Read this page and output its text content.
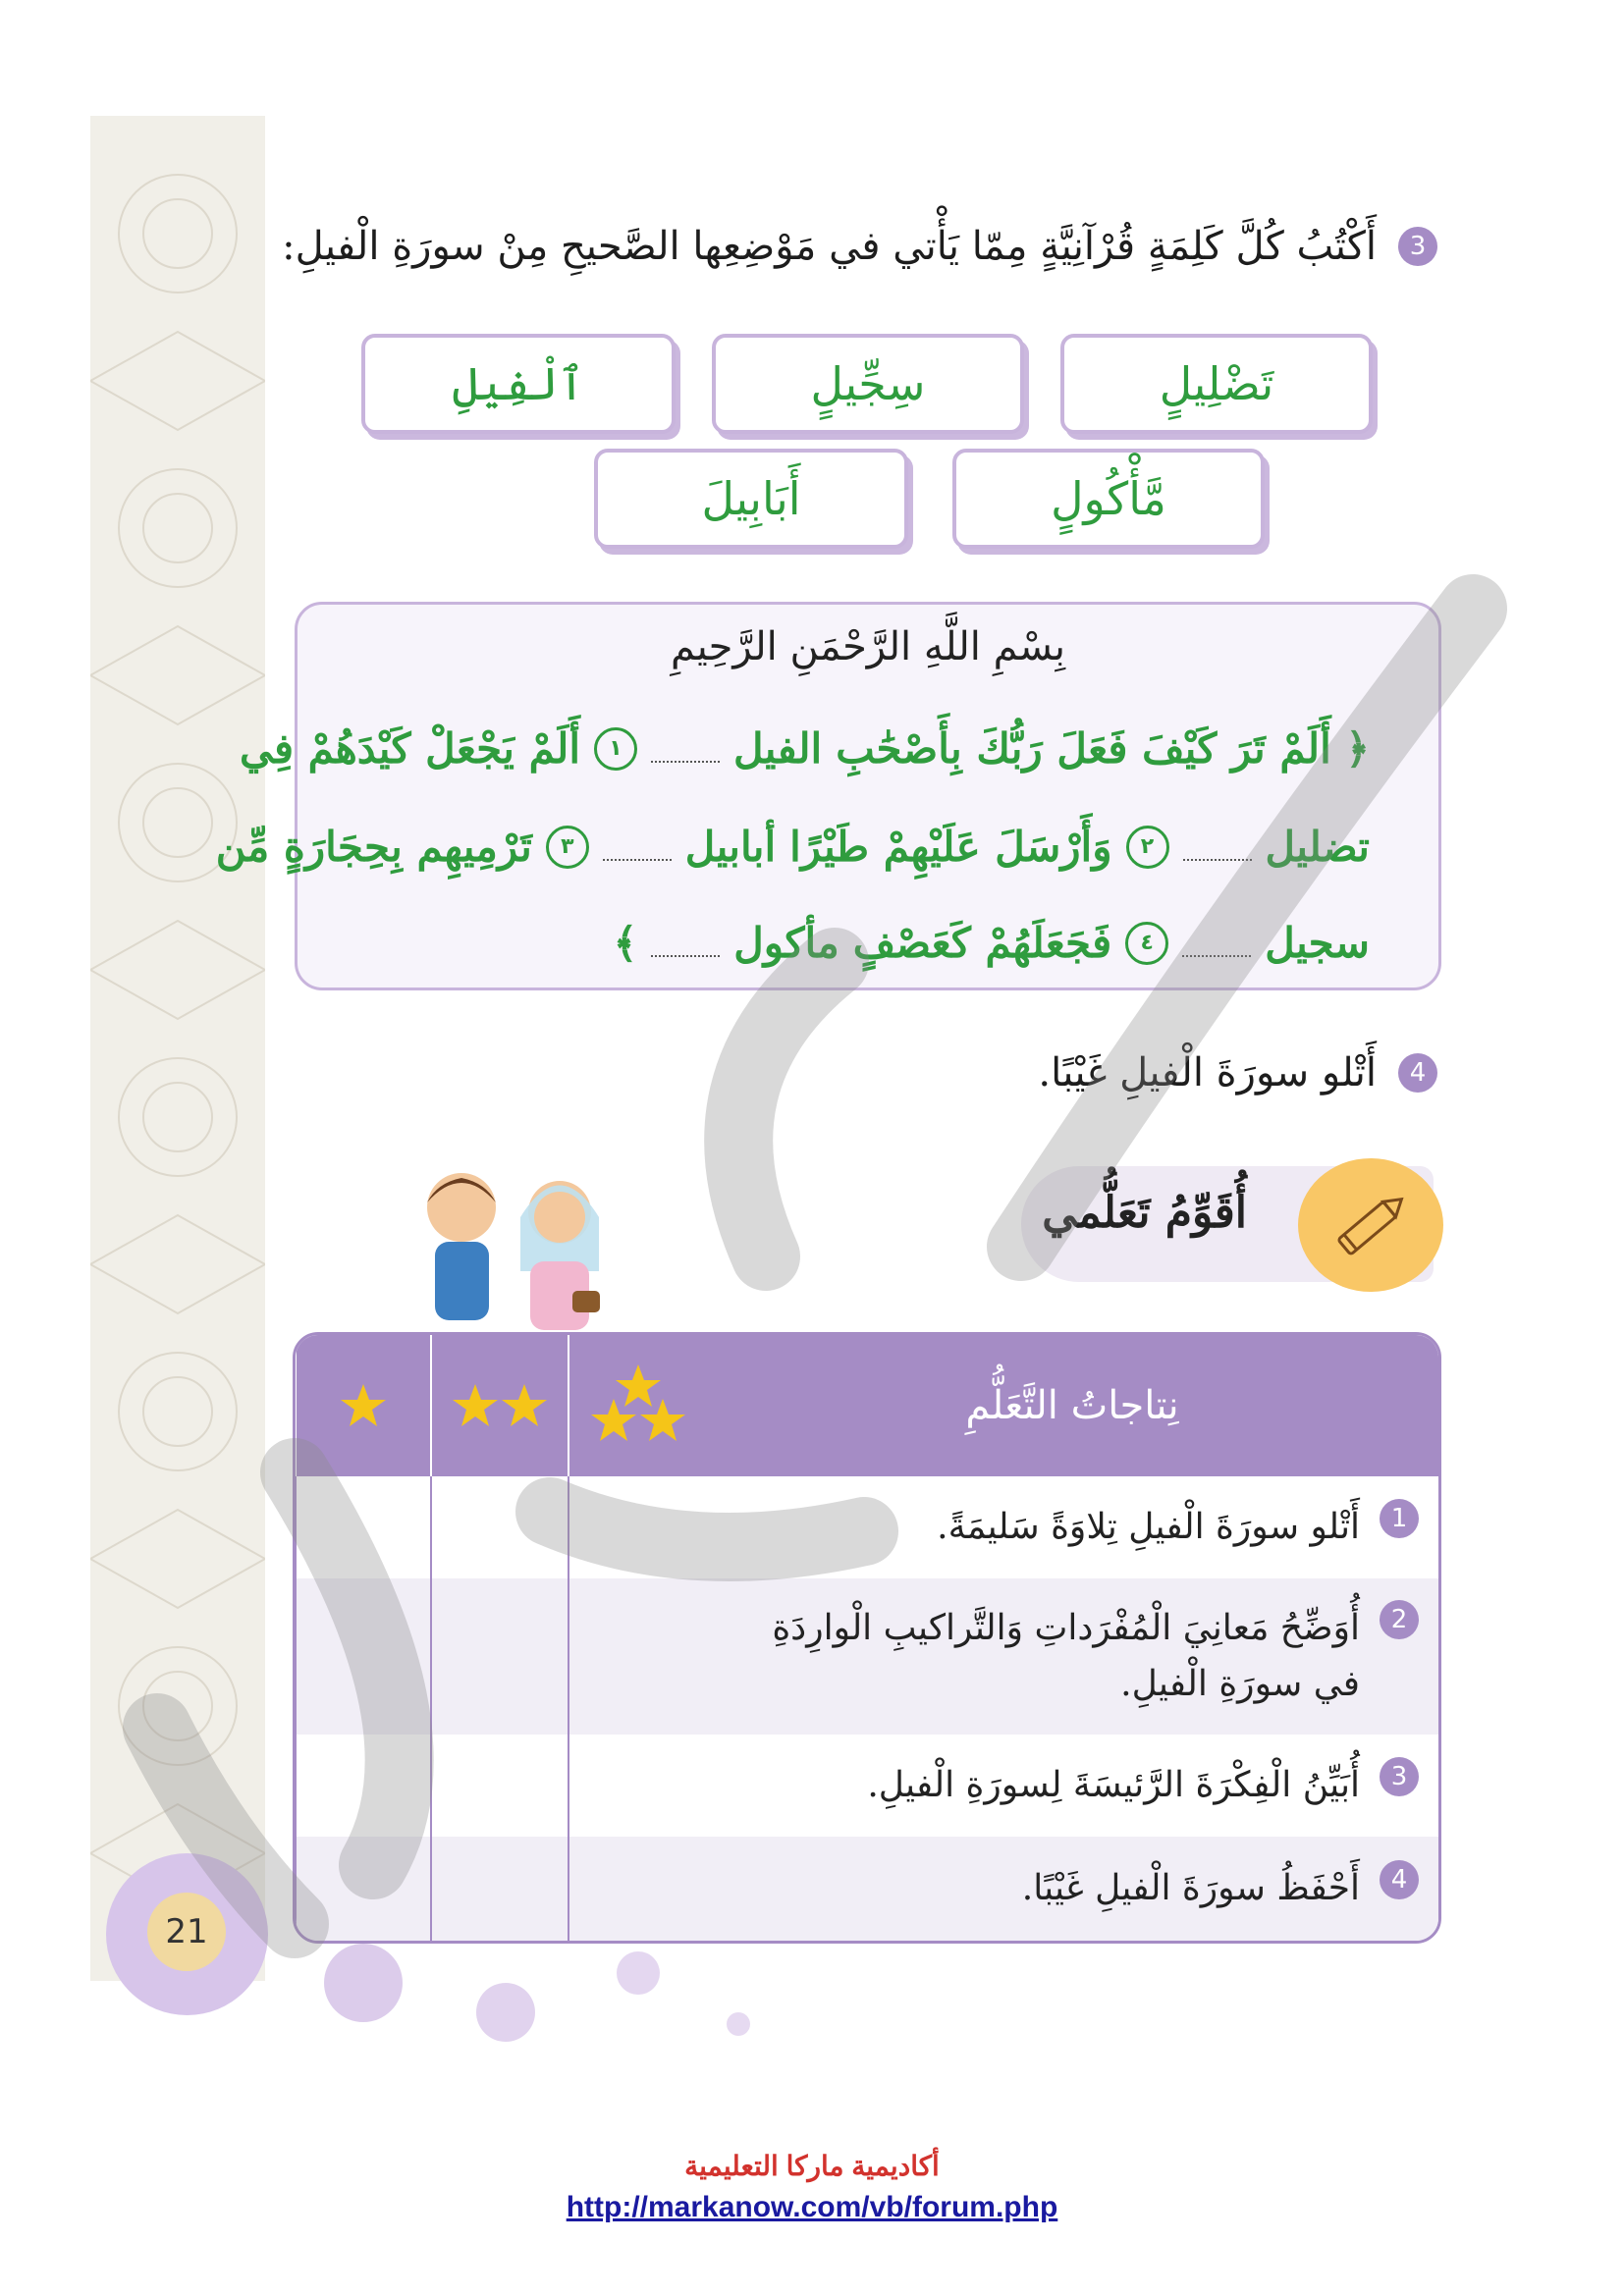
3
أَكْتُبُ كُلَّ كَلِمَةٍ قُرْآنِيَّةٍ مِمّا يَأْتي في مَوْضِعِها الصَّحيحِ مِنْ سورَةِ الْفيلِ:
تَضْلِيلٍ
سِجِّيلٍ
ٱلْفِيلِ
مَّأْكُولٍ
أَبَابِيلَ
بِسْمِ اللَّهِ الرَّحْمَنِ الرَّحِيمِ
﴿ أَلَمْ تَرَ كَيْفَ فَعَلَ رَبُّكَ بِأَصْحَٰبِ
الفيل
١
أَلَمْ يَجْعَلْ كَيْدَهُمْ فِي
تضليل
٢
وَأَرْسَلَ عَلَيْهِمْ طَيْرًا
أبابيل
٣
تَرْمِيهِم بِحِجَارَةٍ مِّن
سجيل
٤
فَجَعَلَهُمْ كَعَصْفٍ
مأكول
﴾
4
أَتْلو سورَةَ الْفيلِ غَيْبًا.
أُقَوِّمُ تَعَلُّمي
نِتاجاتُ التَّعَلُّمِ	

1
أَتْلو سورَةَ الْفيلِ تِلاوَةً سَليمَةً.			

2
أُوَضِّحُ مَعانِيَ الْمُفْرَداتِ وَالتَّراكيبِ الْوارِدَةِ في سورَةِ الْفيلِ.			

3
أُبَيِّنُ الْفِكْرَةَ الرَّئيسَةَ لِسورَةِ الْفيلِ.			

4
أَحْفَظُ سورَةَ الْفيلِ غَيْبًا.			

21
أكاديمية ماركا التعليمية
http://markanow.com/vb/forum.php
